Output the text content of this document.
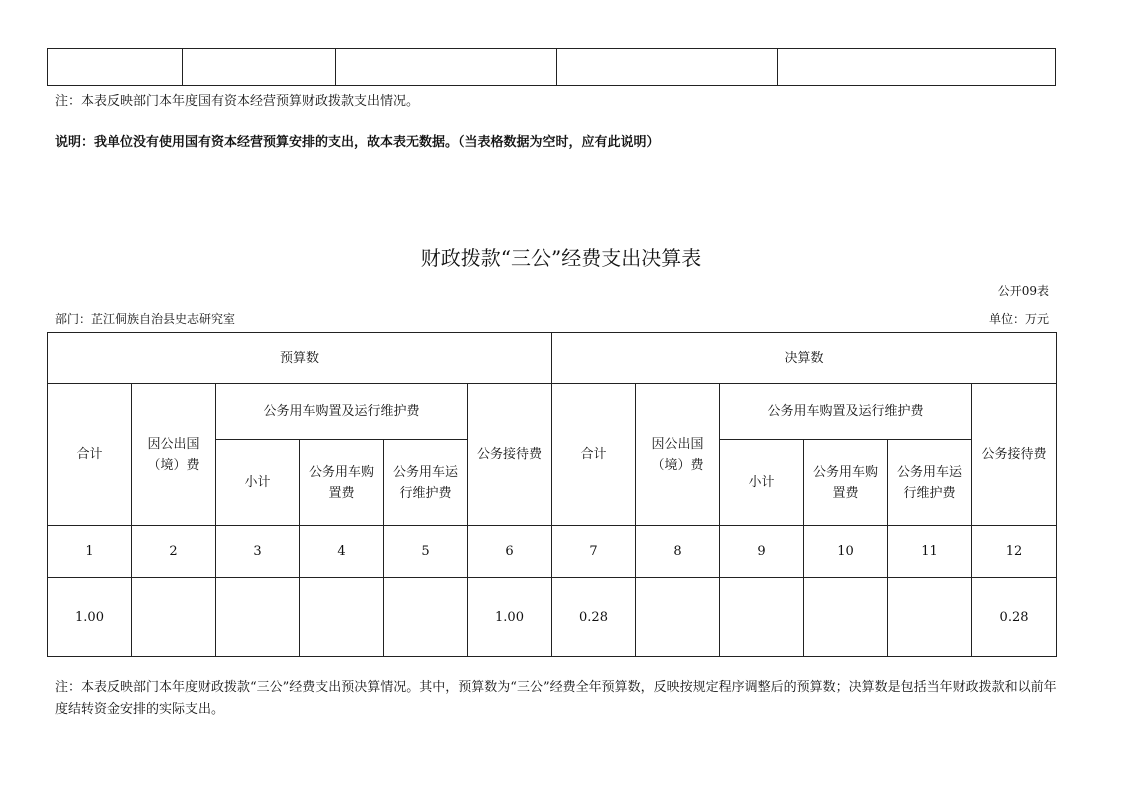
注：本表反映部门本年度国有资本经营预算财政拨款支出情况。
说明：我单位没有使用国有资本经营预算安排的支出，故本表无数据。（当表格数据为空时，应有此说明）
财政拨款“三公”经费支出决算表
公开09表
部门：芷江侗族自治县史志研究室	单位：万元
预算数						决算数					
合计	因公出国（境）费	公务用车购置及运行维护费			公务接待费	合计	因公出国（境）费	公务用车购置及运行维护费			公务接待费
		小计	公务用车购置费	公务用车运行维护费				小计	公务用车购置费	公务用车运行维护费	
1	2	3	4	5	6	7	8	9	10	11	12
1.00					1.00	0.28					0.28
注：本表反映部门本年度财政拨款“三公”经费支出预决算情况。其中，预算数为“三公”经费全年预算数，反映按规定程序调整后的预算数；决算数是包括当年财政拨款和以前年度结转资金安排的实际支出。
